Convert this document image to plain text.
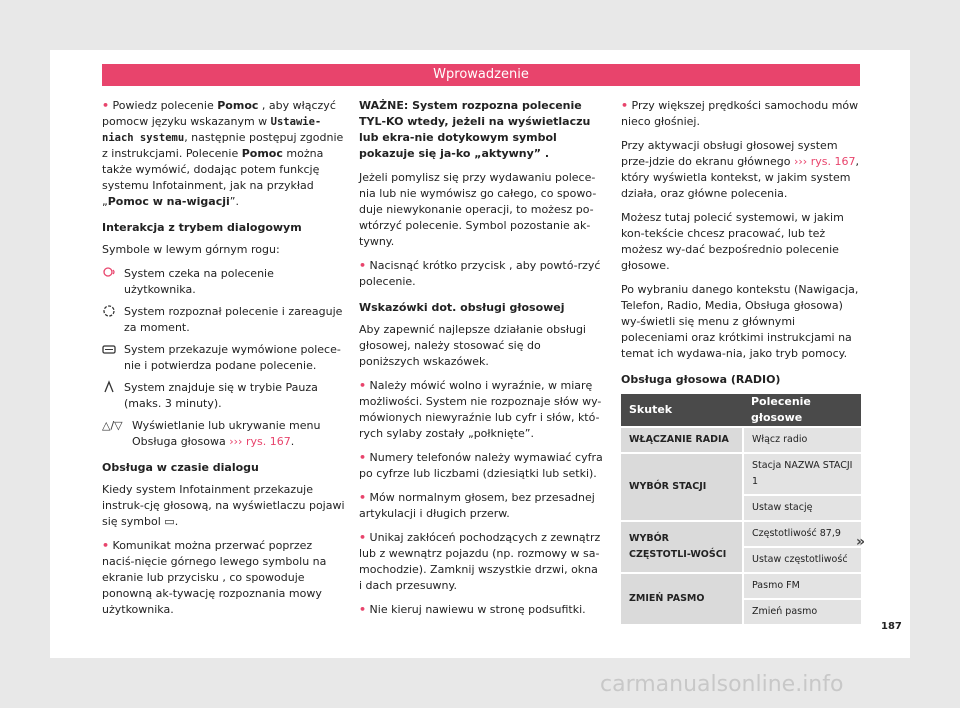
Wprowadzenie

• Powiedz polecenie Pomoc , aby włączyć pomocw języku wskazanym w Ustawie-niach systemu, następnie postępuj zgodnie z instrukcjami. Polecenie Pomoc można także wymówić, dodając potem funkcję systemu Infotainment, jak na przykład „Pomoc w na-wigacji”.

Interakcja z trybem dialogowym

Symbole w lewym górnym rogu:

System czeka na polecenie użytkownika.
System rozpoznał polecenie i zareaguje za moment.
System przekazuje wymówione polece-nie i potwierdza podane polecenie.
System znajduje się w trybie Pauza (maks. 3 minuty).
△/▽ Wyświetlanie lub ukrywanie menu Obsługa głosowa ››› rys. 167.
Obsługa w czasie dialogu

Kiedy system Infotainment przekazuje instruk-cję głosową, na wyświetlaczu pojawi się symbol ▭.

• Komunikat można przerwać poprzez naciś-nięcie górnego lewego symbolu na ekranie lub przycisku , co spowoduje ponowną ak-tywację rozpoznania mowy użytkownika.

WAŻNE: System rozpozna polecenie TYL-KO wtedy, jeżeli na wyświetlaczu lub ekra-nie dotykowym symbol pokazuje się ja-ko „aktywny” .

Jeżeli pomylisz się przy wydawaniu polece-nia lub nie wymówisz go całego, co spowo-duje niewykonanie operacji, to możesz po-wtórzyć polecenie. Symbol pozostanie ak-tywny.

• Nacisnąć krótko przycisk , aby powtó-rzyć polecenie.

Wskazówki dot. obsługi głosowej

Aby zapewnić najlepsze działanie obsługi głosowej, należy stosować się do poniższych wskazówek.

• Należy mówić wolno i wyraźnie, w miarę możliwości. System nie rozpoznaje słów wy-mówionych niewyraźnie lub cyfr i słów, któ-rych sylaby zostały „połknięte”.

• Numery telefonów należy wymawiać cyfra po cyfrze lub liczbami (dziesiątki lub setki).

• Mów normalnym głosem, bez przesadnej artykulacji i długich przerw.

• Unikaj zakłóceń pochodzących z zewnątrz lub z wewnątrz pojazdu (np. rozmowy w sa-mochodzie). Zamknij wszystkie drzwi, okna i dach przesuwny.

• Nie kieruj nawiewu w stronę podsufitki.

• Przy większej prędkości samochodu mów nieco głośniej.

Przy aktywacji obsługi głosowej system prze-jdzie do ekranu głównego ››› rys. 167, który wyświetla kontekst, w jakim system działa, oraz główne polecenia.

Możesz tutaj polecić systemowi, w jakim kon-tekście chcesz pracować, lub też możesz wy-dać bezpośrednio polecenie głosowe.

Po wybraniu danego kontekstu (Nawigacja, Telefon, Radio, Media, Obsługa głosowa) wy-świetli się menu z głównymi poleceniami oraz krótkimi instrukcjami na temat ich wydawa-nia, jako tryb pomocy.

Obsługa głosowa (RADIO)
Skutek	Polecenie głosowe
WŁĄCZANIE RADIA	Włącz radio
WYBÓR STACJI	Stacja NAZWA STACJI 1
	Ustaw stację
WYBÓR CZĘSTOTLI-WOŚCI	Częstotliwość 87,9
	Ustaw częstotliwość
ZMIEŃ PASMO	Pasmo FM
	Zmień pasmo
»
187
carmanualsonline.info
